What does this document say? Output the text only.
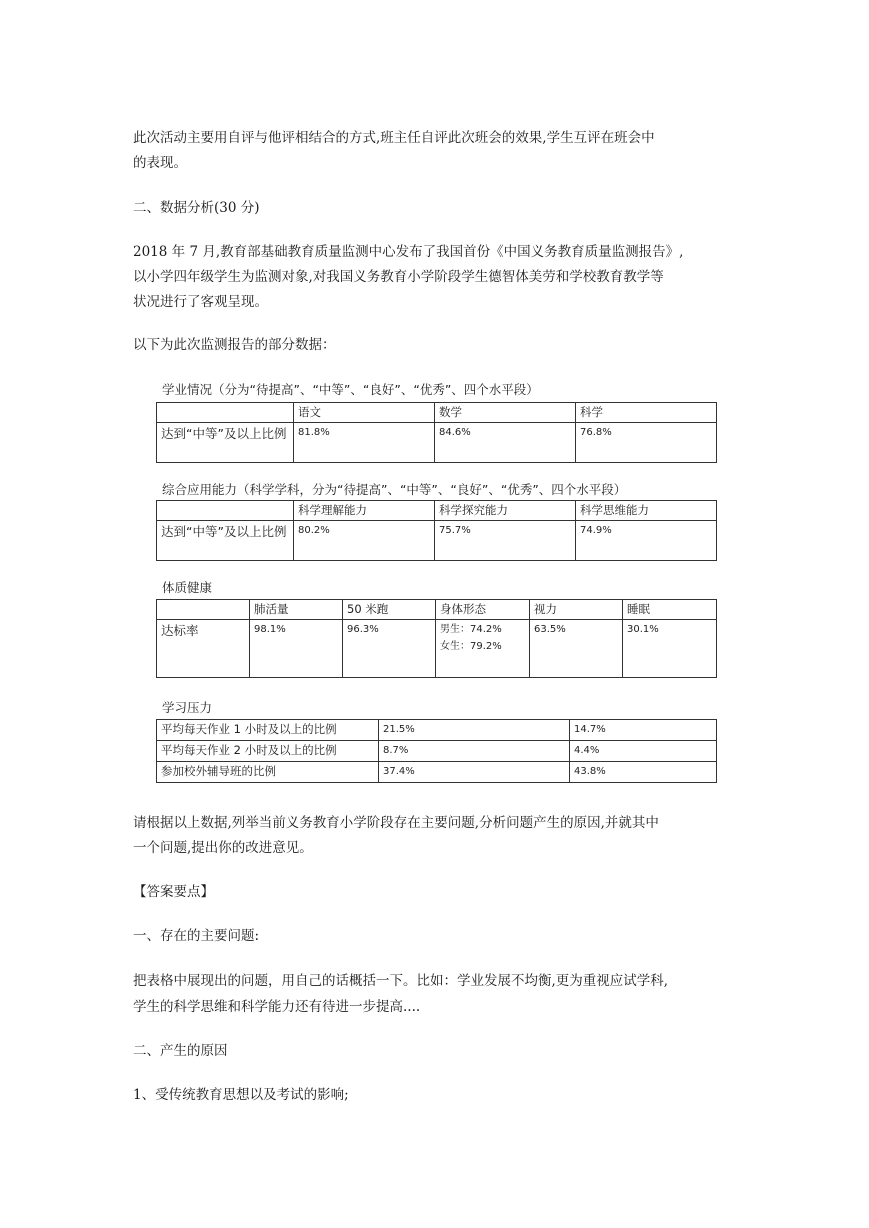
此次活动主要用自评与他评相结合的方式,班主任自评此次班会的效果,学生互评在班会中

的表现。

二、数据分析(30 分)

2018 年 7 月,教育部基础教育质量监测中心发布了我国首份《中国义务教育质量监测报告》,

以小学四年级学生为监测对象,对我国义务教育小学阶段学生德智体美劳和学校教育教学等

状况进行了客观呈现。

以下为此次监测报告的部分数据：

学业情况（分为“待提高”、“中等”、“良好”、“优秀”、四个水平段）
	语文	数学	科学
达到“中等”及以上比例	81.8%	84.6%	76.8%
综合应用能力（科学学科，分为“待提高”、“中等”、“良好”、“优秀”、四个水平段）
	科学理解能力	科学探究能力	科学思维能力
达到“中等”及以上比例	80.2%	75.7%	74.9%
体质健康
	肺活量	50 米跑	身体形态	视力	睡眠
达标率	98.1%	96.3%	男生：74.2%
女生：79.2%	63.5%	30.1%
学习压力
平均每天作业 1 小时及以上的比例	21.5%	14.7%
平均每天作业 2 小时及以上的比例	8.7%	4.4%
参加校外辅导班的比例	37.4%	43.8%

请根据以上数据,列举当前义务教育小学阶段存在主要问题,分析问题产生的原因,并就其中

一个问题,提出你的改进意见。

【答案要点】

一、存在的主要问题:

把表格中展现出的问题，用自己的话概括一下。比如：学业发展不均衡,更为重视应试学科,

学生的科学思维和科学能力还有待进一步提高....

二、产生的原因

1、受传统教育思想以及考试的影响;
